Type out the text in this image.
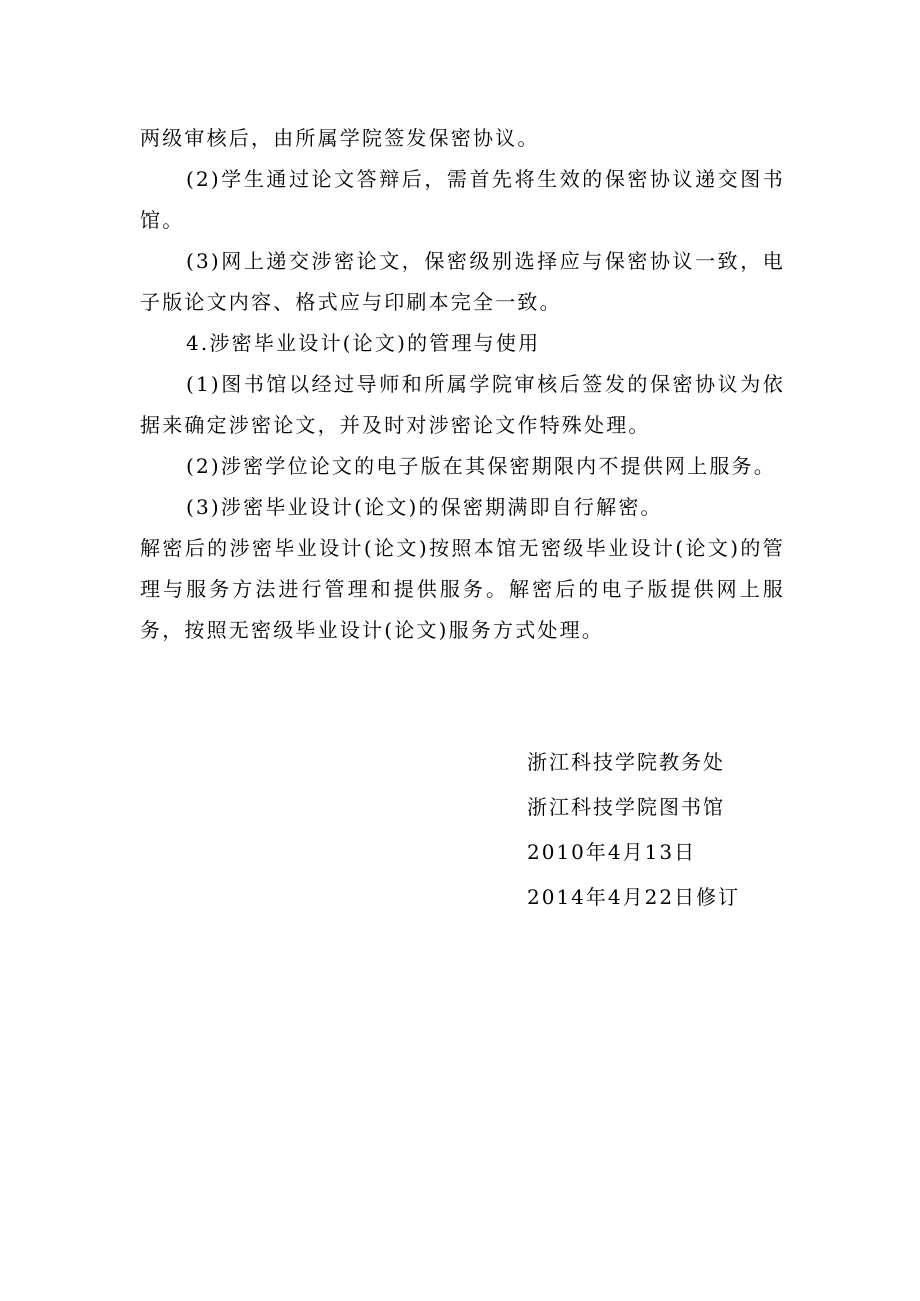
两级审核后，由所属学院签发保密协议。

(2)学生通过论文答辩后，需首先将生效的保密协议递交图书馆。

(3)网上递交涉密论文，保密级别选择应与保密协议一致，电子版论文内容、格式应与印刷本完全一致。

4.涉密毕业设计(论文)的管理与使用

(1)图书馆以经过导师和所属学院审核后签发的保密协议为依据来确定涉密论文，并及时对涉密论文作特殊处理。

(2)涉密学位论文的电子版在其保密期限内不提供网上服务。

(3)涉密毕业设计(论文)的保密期满即自行解密。

解密后的涉密毕业设计(论文)按照本馆无密级毕业设计(论文)的管理与服务方法进行管理和提供服务。解密后的电子版提供网上服务，按照无密级毕业设计(论文)服务方式处理。

浙江科技学院教务处
浙江科技学院图书馆
2010年4月13日
2014年4月22日修订
